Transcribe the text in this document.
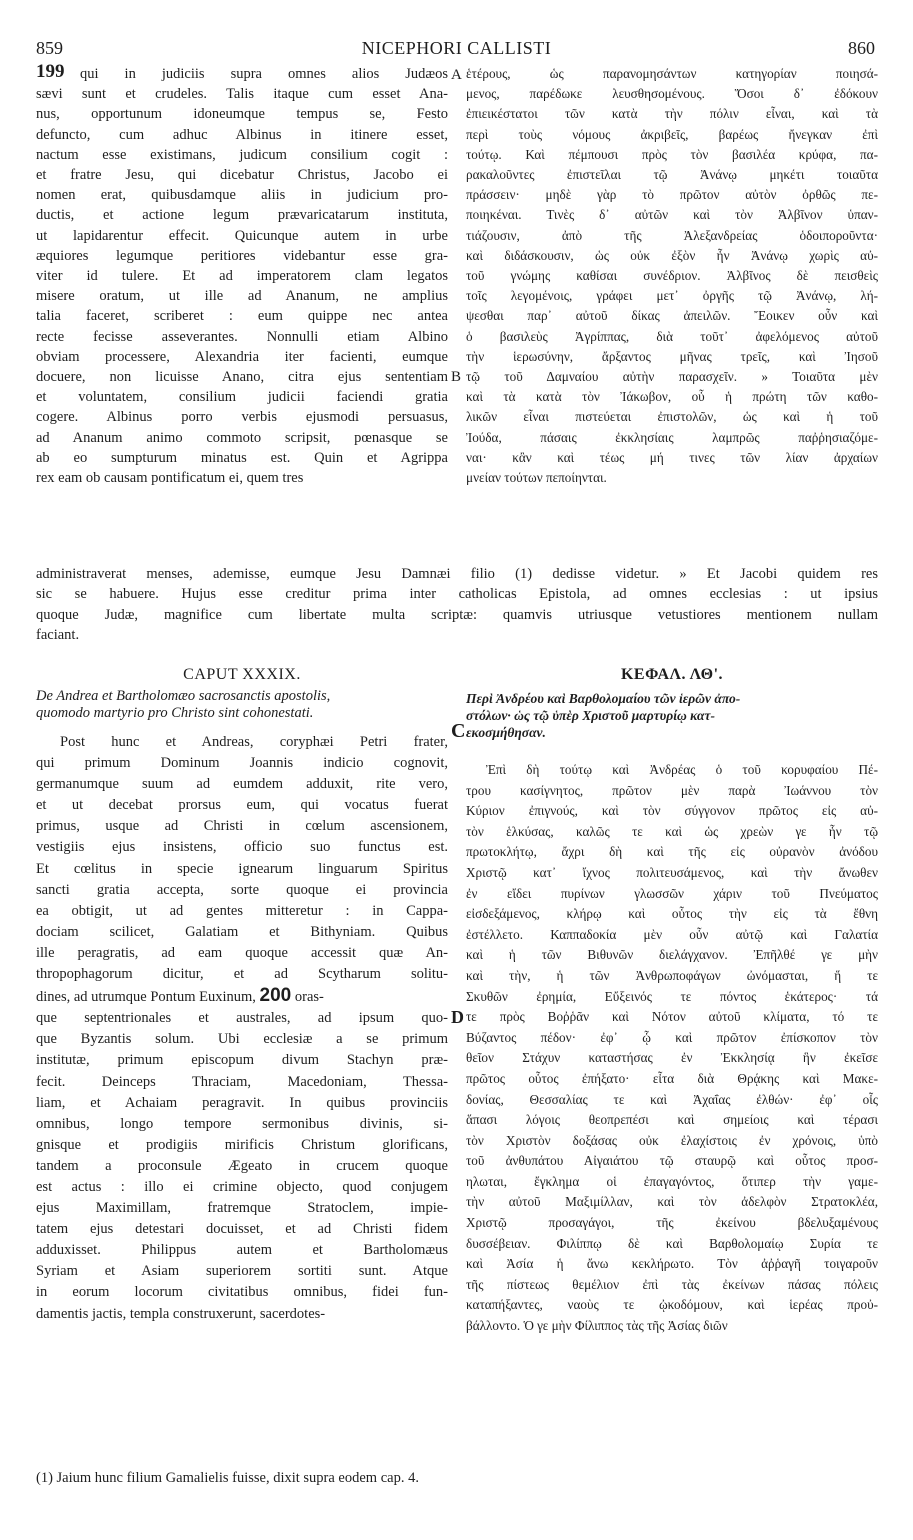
859	NICEPHORI CALLISTI	860
199	A
B
C
D
qui in judiciis supra omnes alios Judæos
sævi sunt et crudeles. Talis itaque cum esset Ana-
nus, opportunum idoneumque tempus se, Festo
defuncto, cum adhuc Albinus in itinere esset,
nactum esse existimans, judicum consilium cogit :
et fratre Jesu, qui dicebatur Christus, Jacobo ei
nomen erat, quibusdamque aliis in judicium pro-
ductis, et actione legum prævaricatarum instituta,
ut lapidarentur effecit. Quicunque autem in urbe
æquiores legumque peritiores videbantur esse gra-
viter id tulere. Et ad imperatorem clam legatos
misere oratum, ut ille ad Ananum, ne amplius
talia faceret, scriberet : eum quippe nec antea
recte fecisse asseverantes. Nonnulli etiam Albino
obviam processere, Alexandria iter facienti, eumque
docuere, non licuisse Anano, citra ejus sententiam
et voluntatem, consilium judicii faciendi gratia
cogere. Albinus porro verbis ejusmodi persuasus,
ad Ananum animo commoto scripsit, pœnasque se
ab eo sumpturum minatus est. Quin et Agrippa
rex eam ob causam pontificatum ei, quem tres
ἑτέρους, ὡς παρανομησάντων κατηγορίαν ποιησά-
μενος, παρέδωκε λευσθησομένους. Ὅσοι δ᾽ ἐδόκουν
ἐπιεικέστατοι τῶν κατὰ τὴν πόλιν εἶναι, καὶ τὰ
περὶ τοὺς νόμους ἀκριβεῖς, βαρέως ἤνεγκαν ἐπὶ
τούτῳ. Καὶ πέμπουσι πρὸς τὸν βασιλέα κρύφα, πα-
ρακαλοῦντες ἐπιστεῖλαι τῷ Ἀνάνῳ μηκέτι τοιαῦτα
πράσσειν· μηδὲ γὰρ τὸ πρῶτον αὐτὸν ὀρθῶς πε-
ποιηκέναι. Τινὲς δ᾽ αὐτῶν καὶ τὸν Ἀλβῖνον ὑπαν-
τιάζουσιν, ἀπὸ τῆς Ἀλεξανδρείας ὁδοιποροῦντα·
καὶ διδάσκουσιν, ὡς οὐκ ἐξὸν ἦν Ἀνάνῳ χωρὶς αὐ-
τοῦ γνώμης καθίσαι συνέδριον. Ἀλβῖνος δὲ πεισθεὶς
τοῖς λεγομένοις, γράφει μετ᾽ ὀργῆς τῷ Ἀνάνῳ, λή-
ψεσθαι παρ᾽ αὐτοῦ δίκας ἀπειλῶν. Ἔοικεν οὖν καὶ
ὁ βασιλεὺς Ἀγρίππας, διὰ τοῦτ᾽ ἀφελόμενος αὐτοῦ
τὴν ἱερωσύνην, ἄρξαντος μῆνας τρεῖς, καὶ Ἰησοῦ
τῷ τοῦ Δαμναίου αὐτὴν παρασχεῖν. » Τοιαῦτα μὲν
καὶ τὰ κατὰ τὸν Ἰάκωβον, οὗ ἡ πρώτη τῶν καθο-
λικῶν εἶναι πιστεύεται ἐπιστολῶν, ὡς καὶ ἡ τοῦ
Ἰούδα, πάσαις ἐκκλησίαις λαμπρῶς παῤῥησιαζόμε-
ναι· κἂν καὶ τέως μή τινες τῶν λίαν ἀρχαίων
μνείαν τούτων πεποίηνται.
administraverat menses, ademisse, eumque Jesu Damnæi filio (1) dedisse videtur. » Et Jacobi quidem res
sic se habuere. Hujus esse creditur prima inter catholicas Epistola, ad omnes ecclesias : ut ipsius
quoque Judæ, magnifice cum libertate multa scriptæ: quamvis utriusque vetustiores mentionem nullam
faciant.
CAPUT XXXIX.
De Andrea et Bartholomæo sacrosanctis apostolis,
quomodo martyrio pro Christo sint cohonestati.
ΚΕΦΑΛ. ΛΘ'.
Περὶ Ἀνδρέου καὶ Βαρθολομαίου τῶν ἱερῶν ἀπο-
στόλων· ὡς τῷ ὑπὲρ Χριστοῦ μαρτυρίῳ κατ-
εκοσμήθησαν.
Post hunc et Andreas, coryphæi Petri frater,
qui primum Dominum Joannis indicio cognovit,
germanumque suum ad eumdem adduxit, rite vero,
et ut decebat prorsus eum, qui vocatus fuerat
primus, usque ad Christi in cœlum ascensionem,
vestigiis ejus insistens, officio suo functus est.
Et cœlitus in specie ignearum linguarum Spiritus
sancti gratia accepta, sorte quoque ei provincia
ea obtigit, ut ad gentes mitteretur : in Cappa-
dociam scilicet, Galatiam et Bithyniam. Quibus
ille peragratis, ad eam quoque accessit quæ An-
thropophagorum dicitur, et ad Scytharum solitu-
dines, ad utrumque Pontum Euxinum, 200 oras-
que septentrionales et australes, ad ipsum quo-
que Byzantis solum. Ubi ecclesiæ a se primum
institutæ, primum episcopum divum Stachyn præ-
fecit. Deinceps Thraciam, Macedoniam, Thessa-
liam, et Achaiam peragravit. In quibus provinciis
omnibus, longo tempore sermonibus divinis, si-
gnisque et prodigiis mirificis Christum glorificans,
tandem a proconsule Ægeato in crucem quoque
est actus : illo ei crimine objecto, quod conjugem
ejus Maximillam, fratremque Stratoclem, impie-
tatem ejus detestari docuisset, et ad Christi fidem
adduxisset. Philippus autem et Bartholomæus
Syriam et Asiam superiorem sortiti sunt. Atque
in eorum locorum civitatibus omnibus, fidei fun-
damentis jactis, templa construxerunt, sacerdotes-
Ἐπὶ δὴ τούτῳ καὶ Ἀνδρέας ὁ τοῦ κορυφαίου Πέ-
τρου κασίγνητος, πρῶτον μὲν παρὰ Ἰωάννου τὸν
Κύριον ἐπιγνούς, καὶ τὸν σύγγονον πρῶτος εἰς αὐ-
τὸν ἑλκύσας, καλῶς τε καὶ ὡς χρεὼν γε ἦν τῷ
πρωτοκλήτῳ, ἄχρι δὴ καὶ τῆς εἰς οὐρανὸν ἀνόδου
Χριστῷ κατ᾽ ἴχνος πολιτευσάμενος, καὶ τὴν ἄνωθεν
ἐν εἴδει πυρίνων γλωσσῶν χάριν τοῦ Πνεύματος
εἰσδεξάμενος, κλήρῳ καὶ οὗτος τὴν εἰς τὰ ἔθνη
ἐστέλλετο. Καππαδοκία μὲν οὖν αὐτῷ καὶ Γαλατία
καὶ ἡ τῶν Βιθυνῶν διελάγχανον. Ἐπῆλθέ γε μὴν
καὶ τὴν, ἡ τῶν Ἀνθρωποφάγων ὠνόμασται, ἥ τε
Σκυθῶν ἐρημία, Εὔξεινός τε πόντος ἑκάτερος· τά
τε πρὸς Βοῤῥᾶν καὶ Νότον αὐτοῦ κλίματα, τό τε
Βύζαντος πέδον· ἐφ᾽ ᾧ καὶ πρῶτον ἐπίσκοπον τὸν
θεῖον Στάχυν καταστήσας ἐν Ἐκκλησίᾳ ἣν ἐκεῖσε
πρῶτος οὗτος ἐπήξατο· εἶτα διὰ Θρᾴκης καὶ Μακε-
δονίας, Θεσσαλίας τε καὶ Ἀχαΐας ἐλθών· ἐφ᾽ οἷς
ἅπασι λόγοις θεοπρεπέσι καὶ σημείοις καὶ τέρασι
τὸν Χριστὸν δοξάσας οὐκ ἐλαχίστοις ἐν χρόνοις, ὑπὸ
τοῦ ἀνθυπάτου Αἰγαιάτου τῷ σταυρῷ καὶ οὗτος προσ-
ηλωται, ἔγκλημα οἱ ἐπαγαγόντος, ὅτιπερ τὴν γαμε-
τὴν αὐτοῦ Μαξιμίλλαν, καὶ τὸν ἀδελφὸν Στρατοκλέα,
Χριστῷ προσαγάγοι, τῆς ἐκείνου βδελυξαμένους
δυσσέβειαν. Φιλίππῳ δὲ καὶ Βαρθολομαίῳ Συρία τε
καὶ Ἀσία ἡ ἄνω κεκλήρωτο. Τὸν ἀῤῥαγῆ τοιγαροῦν
τῆς πίστεως θεμέλιον ἐπὶ τὰς ἐκείνων πάσας πόλεις
καταπήξαντες, ναοὺς τε ᾠκοδόμουν, καὶ ἱερέας προὐ-
βάλλοντο. Ὁ γε μὴν Φίλιππος τὰς τῆς Ἀσίας διῶν
(1) Jaium hunc filium Gamalielis fuisse, dixit supra eodem cap. 4.
